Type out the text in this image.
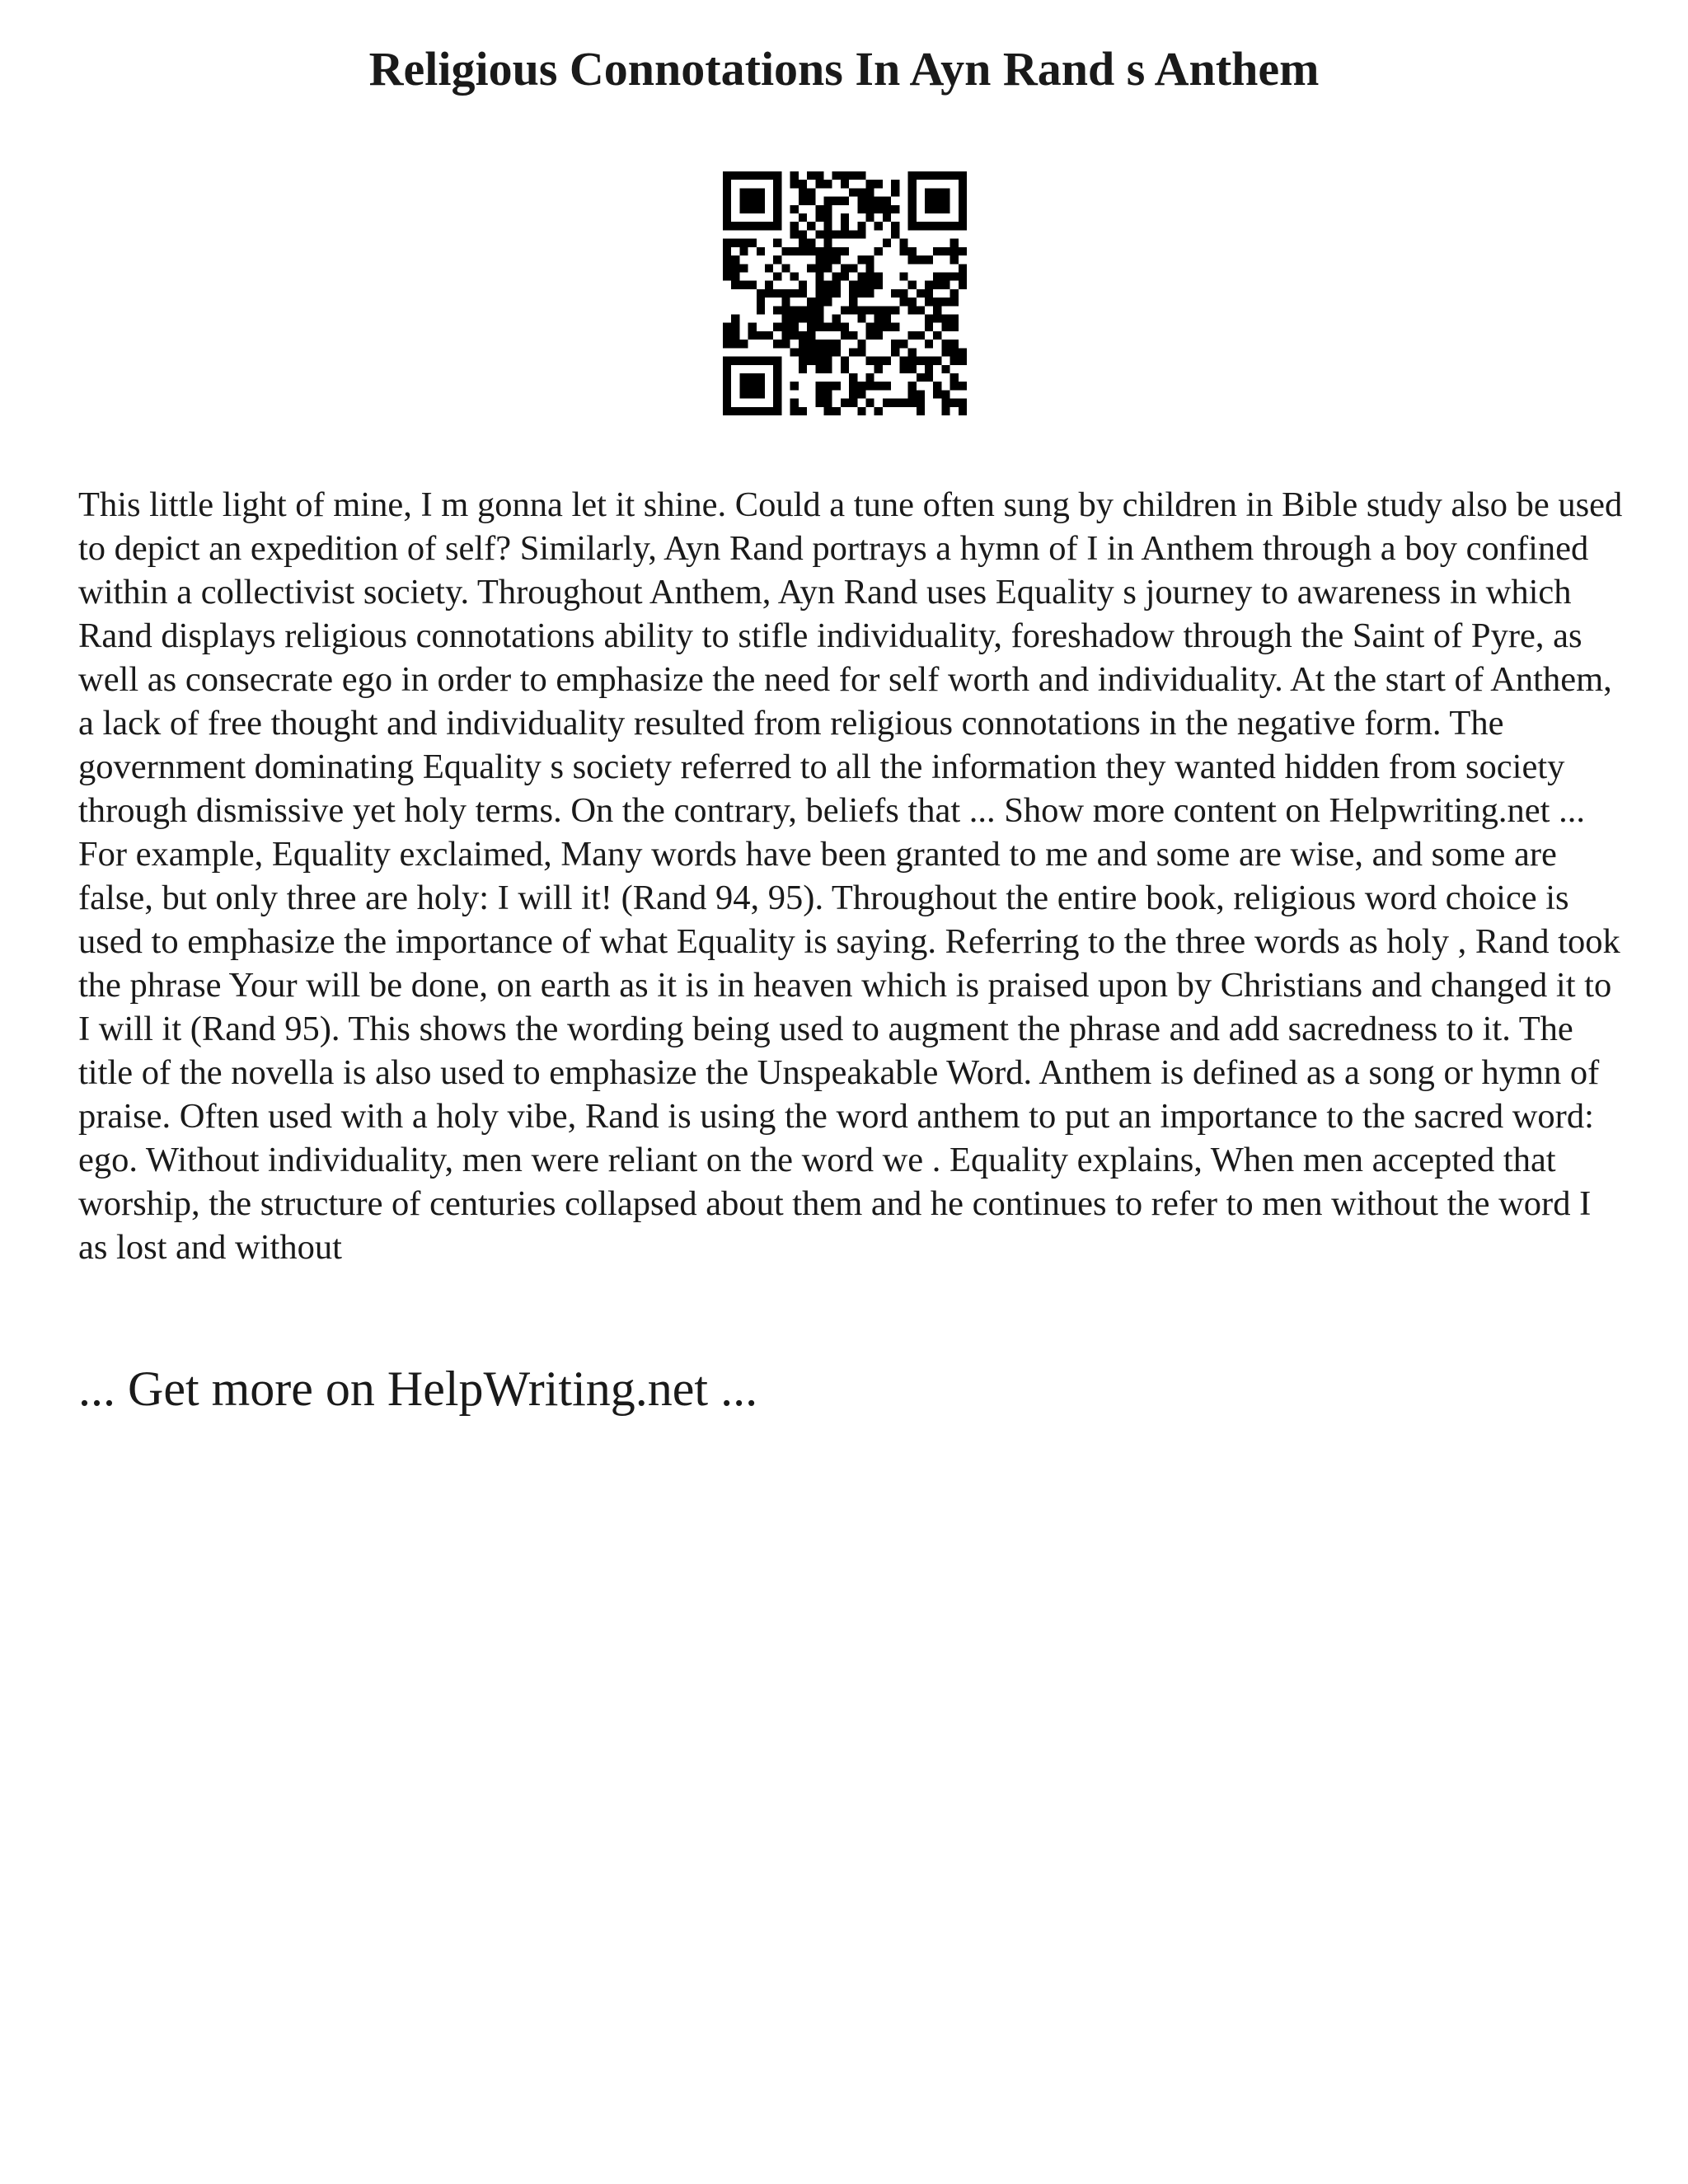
Religious Connotations In Ayn Rand s Anthem

This little light of mine, I m gonna let it shine. Could a tune often sung by children in Bible study also be used to depict an expedition of self? Similarly, Ayn Rand portrays a hymn of I in Anthem through a boy confined within a collectivist society. Throughout Anthem, Ayn Rand uses Equality s journey to awareness in which Rand displays religious connotations ability to stifle individuality, foreshadow through the Saint of Pyre, as well as consecrate ego in order to emphasize the need for self worth and individuality. At the start of Anthem, a lack of free thought and individuality resulted from religious connotations in the negative form. The government dominating Equality s society referred to all the information they wanted hidden from society through dismissive yet holy terms. On the contrary, beliefs that ... Show more content on Helpwriting.net ...

For example, Equality exclaimed, Many words have been granted to me and some are wise, and some are false, but only three are holy: I will it! (Rand 94, 95). Throughout the entire book, religious word choice is used to emphasize the importance of what Equality is saying. Referring to the three words as holy , Rand took the phrase Your will be done, on earth as it is in heaven which is praised upon by Christians and changed it to I will it (Rand 95). This shows the wording being used to augment the phrase and add sacredness to it. The title of the novella is also used to emphasize the Unspeakable Word. Anthem is defined as a song or hymn of praise. Often used with a holy vibe, Rand is using the word anthem to put an importance to the sacred word: ego. Without individuality, men were reliant on the word we . Equality explains, When men accepted that worship, the structure of centuries collapsed about them and he continues to refer to men without the word I as lost and without

... Get more on HelpWriting.net ...
